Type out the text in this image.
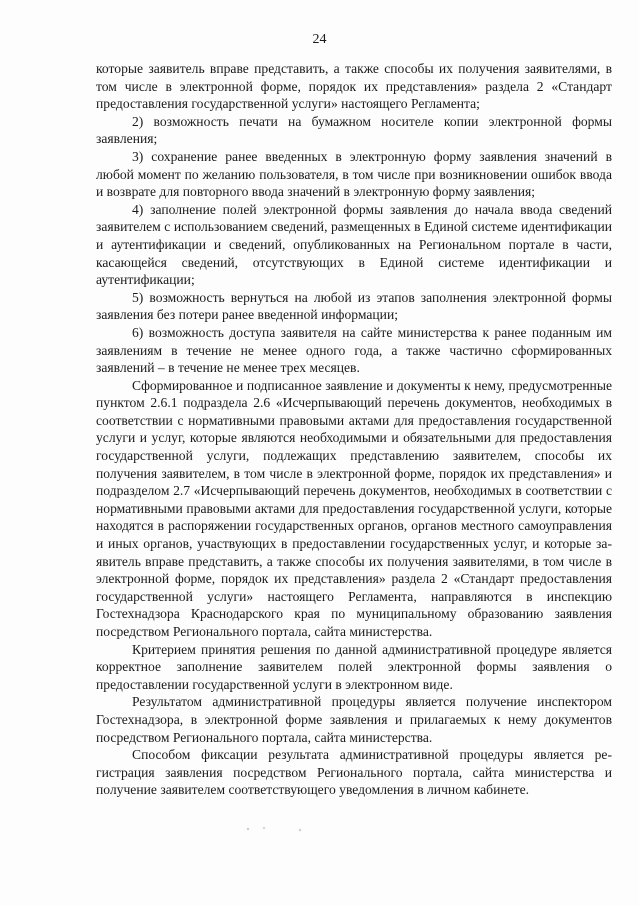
24

которые заявитель вправе представить, а также способы их получения заявителями, в том числе в электронной форме, порядок их представления» раздела 2 «Стандарт предоставления государственной услуги» настоящего Регламента;

2) возможность печати на бумажном носителе копии электронной формы заявления;

3) сохранение ранее введенных в электронную форму заявления значений в любой момент по желанию пользователя, в том числе при возникновении ошибок ввода и возврате для повторного ввода значений в электронную форму заявления;

4) заполнение полей электронной формы заявления до начала ввода сведений заявителем с использованием сведений, размещенных в Единой системе идентификации и аутентификации и сведений, опубликованных на Региональном портале в части, касающейся сведений, отсутствующих в Единой системе идентификации и аутентификации;

5) возможность вернуться на любой из этапов заполнения электронной формы заявления без потери ранее введенной информации;

6) возможность доступа заявителя на сайте министерства к ранее поданным им заявлениям в течение не менее одного года, а также частично сформированных заявлений – в течение не менее трех месяцев.

Сформированное и подписанное заявление и документы к нему, предусмотренные пунктом 2.6.1 подраздела 2.6 «Исчерпывающий перечень документов, необходимых в соответствии с нормативными правовыми актами для предоставления государственной услуги и услуг, которые являются необходимыми и обязательными для предоставления государственной услуги, подлежащих представлению заявителем, способы их получения заявителем, в том числе в электронной форме, порядок их представления» и подразделом 2.7 «Исчерпывающий перечень документов, необходимых в соответствии с нормативными правовыми актами для предоставления государственной услуги, которые находятся в распоряжении государственных органов, органов местного самоуправления и иных органов, участвующих в предоставлении государственных услуг, и которые заявитель вправе представить, а также способы их получения заявителями, в том числе в электронной форме, порядок их представления» раздела 2 «Стандарт предоставления государственной услуги» настоящего Регламента, направляются в инспекцию Гостехнадзора Краснодарского края по муниципальному образованию заявления посредством Регионального портала, сайта министерства.

Критерием принятия решения по данной административной процедуре является корректное заполнение заявителем полей электронной формы заявления о предоставлении государственной услуги в электронном виде.

Результатом административной процедуры является получение инспектором Гостехнадзора, в электронной форме заявления и прилагаемых к нему документов посредством Регионального портала, сайта министерства.

Способом фиксации результата административной процедуры является регистрация заявления посредством Регионального портала, сайта министерства и получение заявителем соответствующего уведомления в личном кабинете.
